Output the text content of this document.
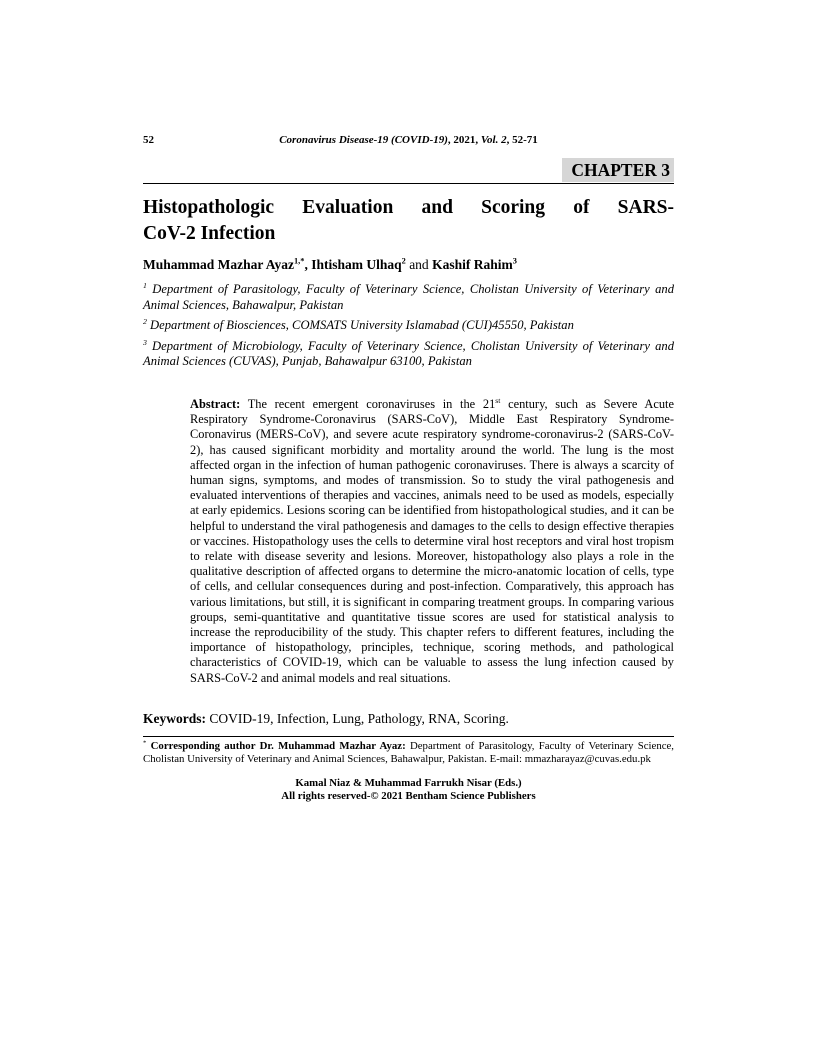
52	Coronavirus Disease-19 (COVID-19), 2021, Vol. 2, 52-71
CHAPTER 3
Histopathologic Evaluation and Scoring of SARS-
CoV-2 Infection

Muhammad Mazhar Ayaz$^{1,*}$, Ihtisham Ulhaq$^2$ and Kashif Rahim$^3$

$^1$ Department of Parasitology, Faculty of Veterinary Science, Cholistan University of Veterinary and Animal Sciences, Bahawalpur, Pakistan

$^2$ Department of Biosciences, COMSATS University Islamabad (CUI)45550, Pakistan

$^3$ Department of Microbiology, Faculty of Veterinary Science, Cholistan University of Veterinary and Animal Sciences (CUVAS), Punjab, Bahawalpur 63100, Pakistan

Abstract: The recent emergent coronaviruses in the 21st century, such as Severe Acute Respiratory Syndrome-Coronavirus (SARS-CoV), Middle East Respiratory Syndrome-Coronavirus (MERS-CoV), and severe acute respiratory syndrome-coronavirus-2 (SARS-CoV-2), has caused significant morbidity and mortality around the world. The lung is the most affected organ in the infection of human pathogenic coronaviruses. There is always a scarcity of human signs, symptoms, and modes of transmission. So to study the viral pathogenesis and evaluated interventions of therapies and vaccines, animals need to be used as models, especially at early epidemics. Lesions scoring can be identified from histopathological studies, and it can be helpful to understand the viral pathogenesis and damages to the cells to design effective therapies or vaccines. Histopathology uses the cells to determine viral host receptors and viral host tropism to relate with disease severity and lesions. Moreover, histopathology also plays a role in the qualitative description of affected organs to determine the micro-anatomic location of cells, type of cells, and cellular consequences during and post-infection. Comparatively, this approach has various limitations, but still, it is significant in comparing treatment groups. In comparing various groups, semi-quantitative and quantitative tissue scores are used for statistical analysis to increase the reproducibility of the study. This chapter refers to different features, including the importance of histopathology, principles, technique, scoring methods, and pathological characteristics of COVID-19, which can be valuable to assess the lung infection caused by SARS-CoV-2 and animal models and real situations.

Keywords: COVID-19, Infection, Lung, Pathology, RNA, Scoring.

* Corresponding author Dr. Muhammad Mazhar Ayaz: Department of Parasitology, Faculty of Veterinary Science, Cholistan University of Veterinary and Animal Sciences, Bahawalpur, Pakistan. E-mail: mmazharayaz@cuvas.edu.pk

Kamal Niaz & Muhammad Farrukh Nisar (Eds.)
All rights reserved-© 2021 Bentham Science Publishers
